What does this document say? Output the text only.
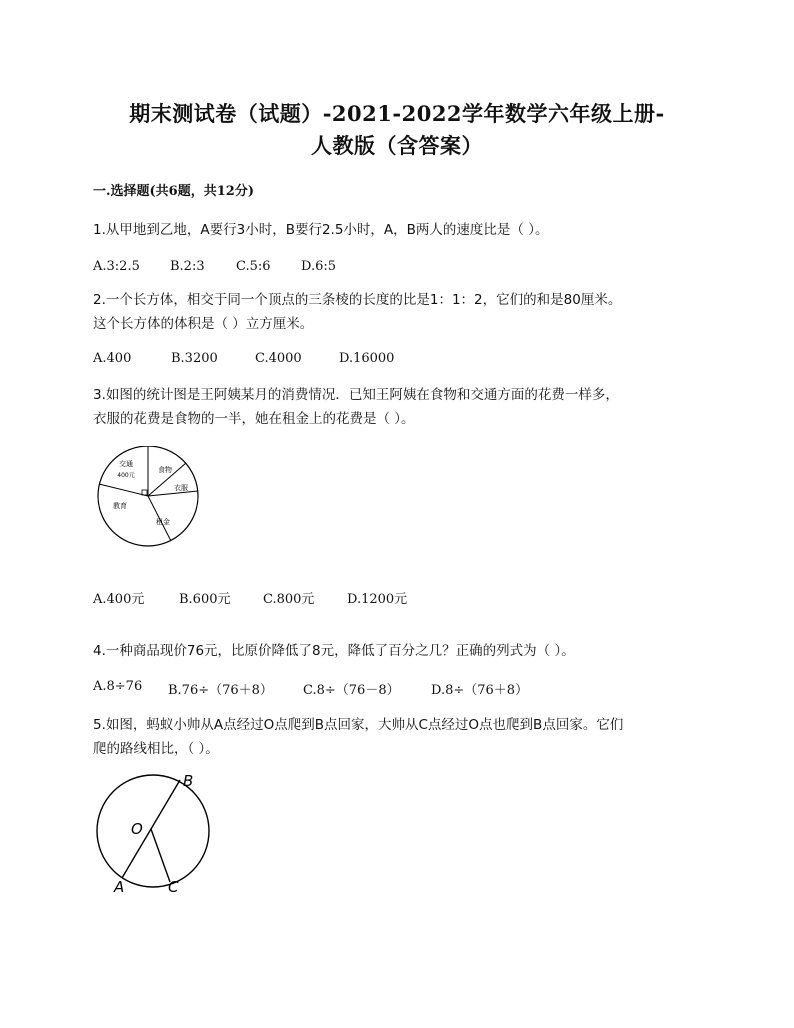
期末测试卷（试题）-2021-2022学年数学六年级上册-
人教版（含答案）
一.选择题(共6题，共12分)
1.从甲地到乙地，A要行3小时，B要行2.5小时，A，B两人的速度比是（ ）。
A.3:2.5 B.2:3 C.5:6 D.6:5
2.一个长方体，相交于同一个顶点的三条棱的长度的比是1：1：2，它们的和是80厘米。
这个长方体的体积是（ ）立方厘米。
A.400	B.3200	C.4000	D.16000
3.如图的统计图是王阿姨某月的消费情况．已知王阿姨在食物和交通方面的花费一样多，
衣服的花费是食物的一半，她在租金上的花费是（ ）。
交通
400元
食物
衣服
教育
租金
A.400元	B.600元	C.800元	D.1200元
4.一种商品现价76元，比原价降低了8元，降低了百分之几？正确的列式为（ ）。
A.8÷76 B.76÷（76＋8） C.8÷（76－8） D.8÷（76＋8）
5.如图，蚂蚁小帅从A点经过O点爬到B点回家，大帅从C点经过O点也爬到B点回家。它们
爬的路线相比，（ ）。
B
O
A	C
